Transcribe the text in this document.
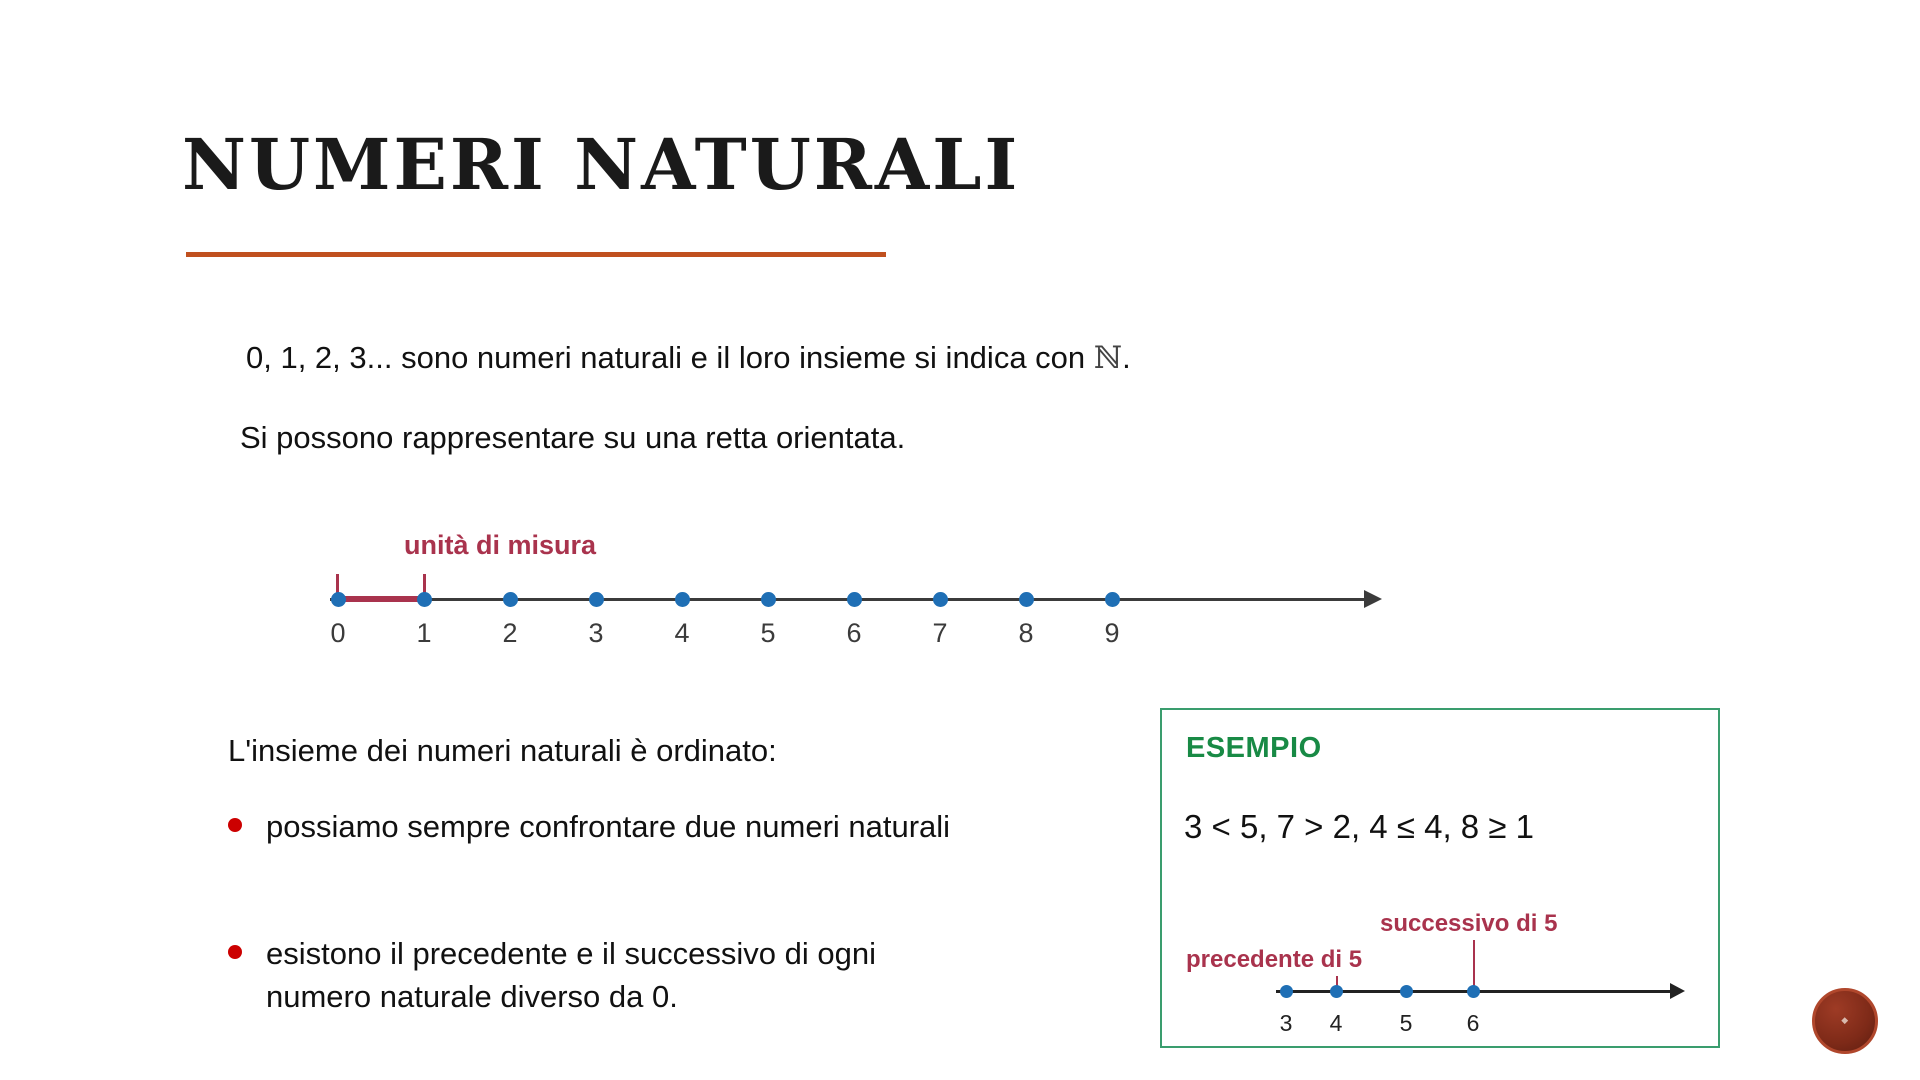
NUMERI NATURALI
0, 1, 2, 3... sono numeri naturali e il loro insieme si indica con ℕ.
Si possono rappresentare su una retta orientata.
unità di misura
0	1	2	3	4	5	6	7	8	9
L'insieme dei numeri naturali è ordinato:
possiamo sempre confrontare due numeri naturali
esistono il precedente e il successivo di ogni numero naturale diverso da 0.
ESEMPIO
3 < 5, 7 > 2, 4 ≤ 4, 8 ≥ 1
precedente di 5
successivo di 5
3	4	5	6	◆
